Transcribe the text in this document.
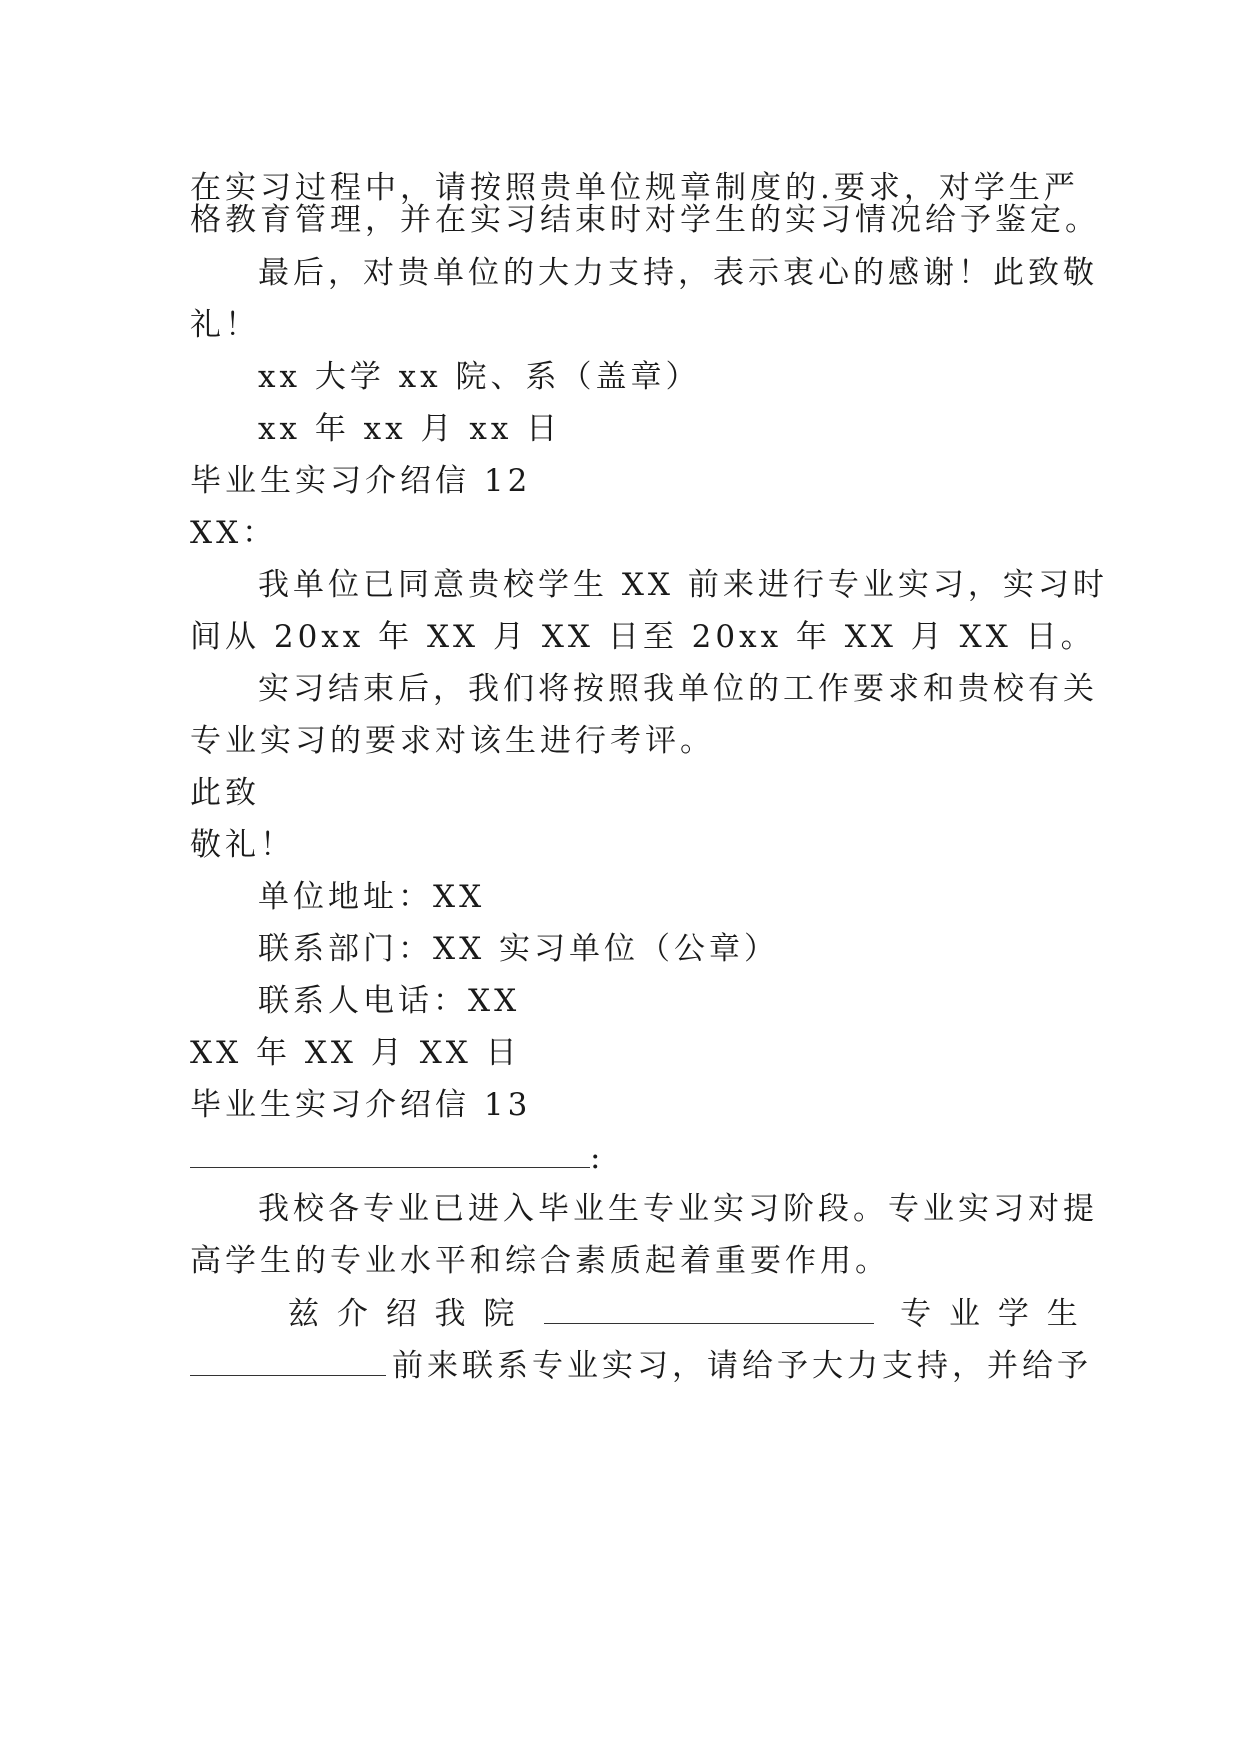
在实习过程中，请按照贵单位规章制度的.要求，对学生严
格教育管理，并在实习结束时对学生的实习情况给予鉴定。
最后，对贵单位的大力支持，表示衷心的感谢！此致敬
礼！
xx 大学 xx 院、系（盖章）
xx 年 xx 月 xx 日
毕业生实习介绍信 12
XX：
我单位已同意贵校学生 XX 前来进行专业实习，实习时
间从 20xx 年 XX 月 XX 日至 20xx 年 XX 月 XX 日。
实习结束后，我们将按照我单位的工作要求和贵校有关
专业实习的要求对该生进行考评。
此致
敬礼！
单位地址：XX
联系部门：XX 实习单位（公章）
联系人电话：XX
XX 年 XX 月 XX 日
毕业生实习介绍信 13
:
我校各专业已进入毕业生专业实习阶段。专业实习对提
高学生的专业水平和综合素质起着重要作用。
兹 介 绍 我 院	专 业 学 生
前来联系专业实习，请给予大力支持，并给予
